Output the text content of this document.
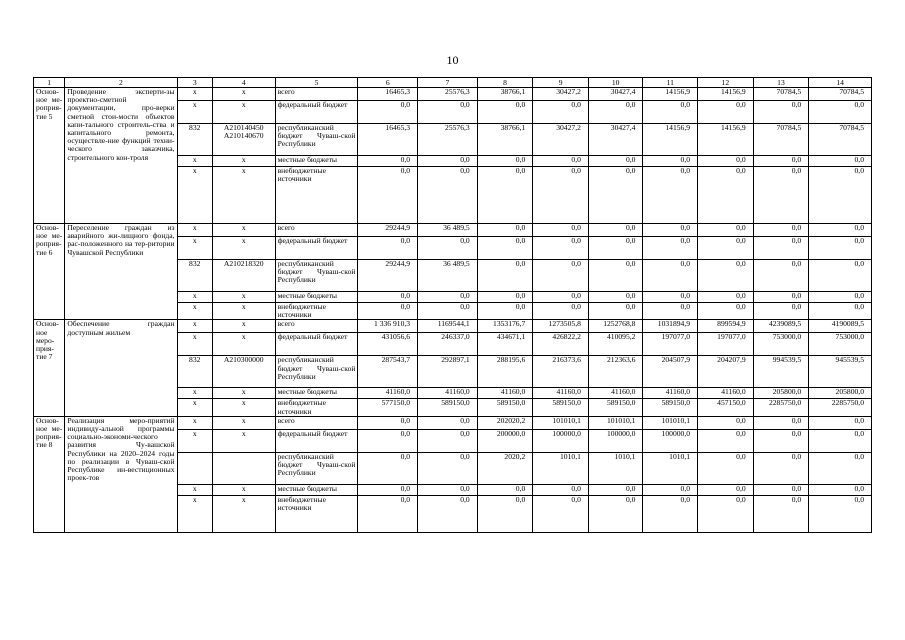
10
1	2	3	4	5	6	7	8	9	10	11	12	13	14
Основ-ное ме-роприя-тие 5	Проведение эксперти-зы проектно-сметной документации, про-верки сметной стои-мости объектов капи-тального строитель-ства и капитального ремонта, осуществле-ние функций техни-ческого заказчика, строительного кон-троля	х	х	всего	16465,3	25576,3	38766,1	30427,2	30427,4	14156,9	14156,9	70784,5	70784,5
		х	х	федеральный бюджет	0,0	0,0	0,0	0,0	0,0	0,0	0,0	0,0	0,0
		832	А210140450 А210140670	республиканский бюджет Чуваш-ской Республики	16465,3	25576,3	38766,1	30427,2	30427,4	14156,9	14156,9	70784,5	70784,5
		х	х	местные бюджеты	0,0	0,0	0,0	0,0	0,0	0,0	0,0	0,0	0,0
		х	х	внебюджетные источники	0,0	0,0	0,0	0,0	0,0	0,0	0,0	0,0	0,0
Основ-ное ме-роприя-тие 6	Переселение граждан из аварийного жи-лищного фонда, рас-положенного на тер-ритории Чувашской Республики	х	х	всего	29244,9	36 489,5	0,0	0,0	0,0	0,0	0,0	0,0	0,0
		х	х	федеральный бюджет	0,0	0,0	0,0	0,0	0,0	0,0	0,0	0,0	0,0
		832	А210218320	республиканский бюджет Чуваш-ской Республики	29244,9	36 489,5	0,0	0,0	0,0	0,0	0,0	0,0	0,0
		х	х	местные бюджеты	0,0	0,0	0,0	0,0	0,0	0,0	0,0	0,0	0,0
		х	х	внебюджетные источники	0,0	0,0	0,0	0,0	0,0	0,0	0,0	0,0	0,0
Основ-ное меро-прия-тие 7	Обеспечение граждан доступным жильем	х	х	всего	1 336 910,3	1169544,1	1353176,7	1273505,8	1252768,8	1031894,9	899594,9	4239089,5	4190089,5
		х	х	федеральный бюджет	431056,6	246337,0	434671,1	426822,2	410095,2	197077,0	197077,0	753000,0	753000,0
		832	А210300000	республиканский бюджет Чуваш-ской Республики	287543,7	292897,1	288195,6	216373,6	212363,6	204507,9	204207,9	994539,5	945539,5
		х	х	местные бюджеты	41160,0	41160,0	41160,0	41160,0	41160,0	41160,0	41160,0	205800,0	205800,0
		х	х	внебюджетные источники	577150,0	589150,0	589150,0	589150,0	589150,0	589150,0	457150,0	2285750,0	2285750,0
Основ-ное ме-роприя-тие 8	Реализация меро-приятий индивиду-альной программы социально-экономи-ческого развития Чу-вашской Республики на 2020–2024 годы по реализации в Чуваш-ской Республике ин-вестиционных проек-тов	х	х	всего	0,0	0,0	202020,2	101010,1	101010,1	101010,1	0,0	0,0	0,0
		х	х	федеральный бюджет	0,0	0,0	200000,0	100000,0	100000,0	100000,0	0,0	0,0	0,0
				республиканский бюджет Чуваш-ской Республики	0,0	0,0	2020,2	1010,1	1010,1	1010,1	0,0	0,0	0,0
		х	х	местные бюджеты	0,0	0,0	0,0	0,0	0,0	0,0	0,0	0,0	0,0
		х	х	внебюджетные источники	0,0	0,0	0,0	0,0	0,0	0,0	0,0	0,0	0,0
